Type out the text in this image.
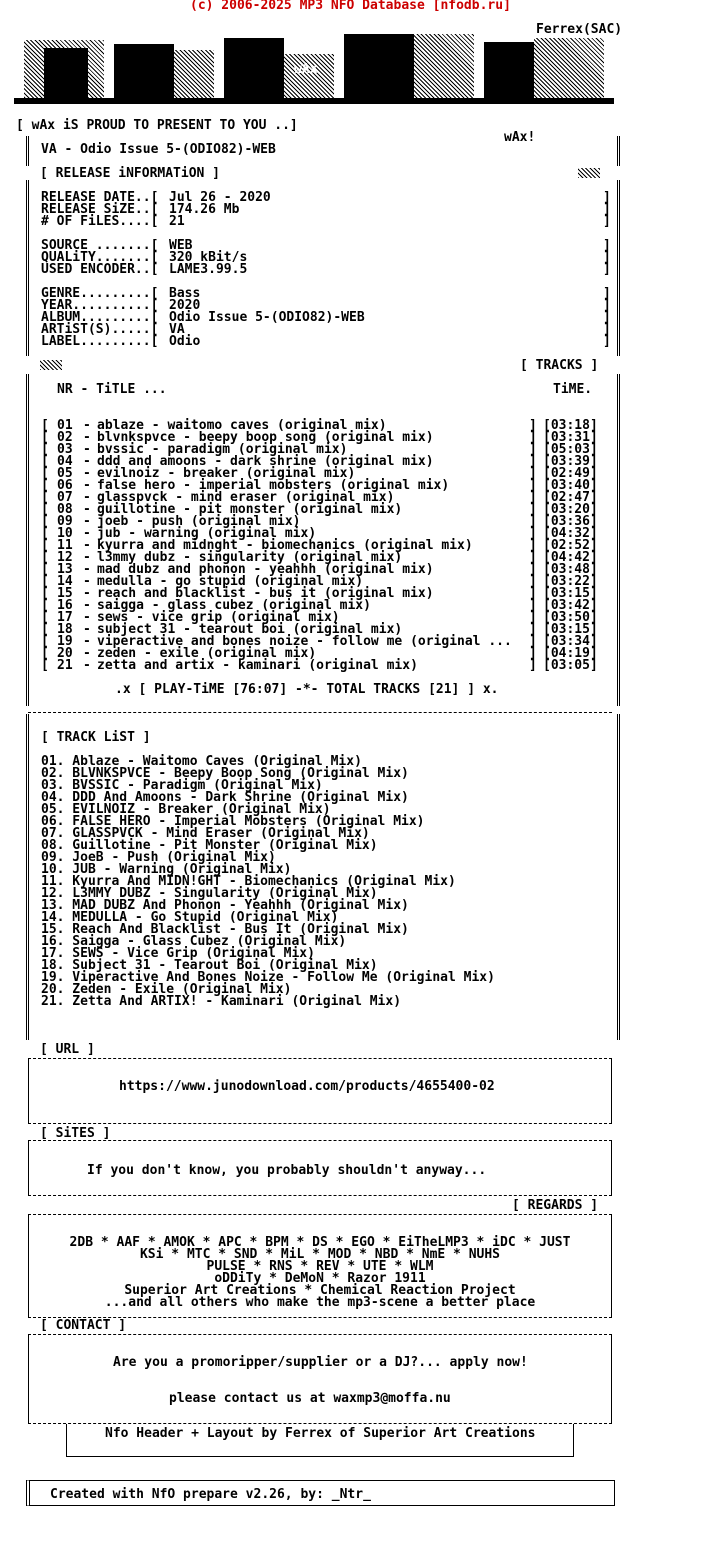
(c) 2006-2025 MP3 NFO Database [nfodb.ru]
Ferrex(SAC)
wAx
[ wAx iS PROUD TO PRESENT TO YOU ..]
wAx!
VA - Odio Issue 5-(ODIO82)-WEB
[ RELEASE iNFORMATiON ]
RELEASE DATE..[ Jul 26 - 2020	]
RELEASE SiZE..[ 174.26 Mb	]
# OF FiLES....[ 21	]
SOURCE .......[ WEB	]
QUALiTY.......[ 320 kBit/s	]
USED ENCODER..[ LAME3.99.5	]
GENRE.........[ Bass	]
YEAR..........[ 2020	]
ALBUM.........[ Odio Issue 5-(ODIO82)-WEB	]
ARTiST(S).....[ VA	]
LABEL.........[ Odio	]
[ TRACKS ]
NR - TiTLE ...	TiME.
[ 01 - ablaze - waitomo caves (original mix)	] [03:18]
[ 02 - blvnkspvce - beepy boop song (original mix)	] [03:31]
[ 03 - bvssic - paradigm (original mix)	] [05:03]
[ 04 - ddd and amoons - dark shrine (original mix)	] [03:39]
[ 05 - evilnoiz - breaker (original mix)	] [02:49]
[ 06 - false hero - imperial mobsters (original mix)	] [03:40]
[ 07 - glasspvck - mind eraser (original mix)	] [02:47]
[ 08 - guillotine - pit monster (original mix)	] [03:20]
[ 09 - joeb - push (original mix)	] [03:36]
[ 10 - jub - warning (original mix)	] [04:32]
[ 11 - kyurra and midnght - biomechanics (original mix)	] [02:52]
[ 12 - l3mmy dubz - singularity (original mix)	] [04:42]
[ 13 - mad dubz and phonon - yeahhh (original mix)	] [03:48]
[ 14 - medulla - go stupid (original mix)	] [03:22]
[ 15 - reach and blacklist - bus it (original mix)	] [03:15]
[ 16 - saigga - glass cubez (original mix)	] [03:42]
[ 17 - sews - vice grip (original mix)	] [03:50]
[ 18 - subject 31 - tearout boi (original mix)	] [03:15]
[ 19 - viperactive and bones noize - follow me (original ... ] [03:34]
[ 20 - zeden - exile (original mix)	] [04:19]
[ 21 - zetta and artix - kaminari (original mix)	] [03:05]
.x [ PLAY-TiME [76:07] -*- TOTAL TRACKS [21] ] x.
[ TRACK LiST ]
01. Ablaze - Waitomo Caves (Original Mix)
02. BLVNKSPVCE - Beepy Boop Song (Original Mix)
03. BVSSIC - Paradigm (Original Mix)
04. DDD And Amoons - Dark Shrine (Original Mix)
05. EVILNOIZ - Breaker (Original Mix)
06. FALSE HERO - Imperial Mobsters (Original Mix)
07. GLASSPVCK - Mind Eraser (Original Mix)
08. Guillotine - Pit Monster (Original Mix)
09. JoeB - Push (Original Mix)
10. JUB - Warning (Original Mix)
11. Kyurra And MIDN!GHT - Biomechanics (Original Mix)
12. L3MMY DUBZ - Singularity (Original Mix)
13. MAD DUBZ And Phonon - Yeahhh (Original Mix)
14. MEDULLA - Go Stupid (Original Mix)
15. Reach And Blacklist - Bus It (Original Mix)
16. Saigga - Glass Cubez (Original Mix)
17. SEWS - Vice Grip (Original Mix)
18. Subject 31 - Tearout Boi (Original Mix)
19. Viperactive And Bones Noize - Follow Me (Original Mix)
20. Zeden - Exile (Original Mix)
21. Zetta And ARTIX! - Kaminari (Original Mix)
[ URL ]
https://www.junodownload.com/products/4655400-02
[ SiTES ]
If you don't know, you probably shouldn't anyway...
[ REGARDS ]
2DB * AAF * AMOK * APC * BPM * DS * EGO * EiTheLMP3 * iDC * JUST
KSi * MTC * SND * MiL * MOD * NBD * NmE * NUHS
PULSE * RNS * REV * UTE * WLM
oDDiTy * DeMoN * Razor 1911
Superior Art Creations * Chemical Reaction Project
...and all others who make the mp3-scene a better place
[ CONTACT ]
Are you a promoripper/supplier or a DJ?... apply now!
please contact us at waxmp3@moffa.nu
Nfo Header + Layout by Ferrex of Superior Art Creations
Created with NfO prepare v2.26, by: _Ntr_
